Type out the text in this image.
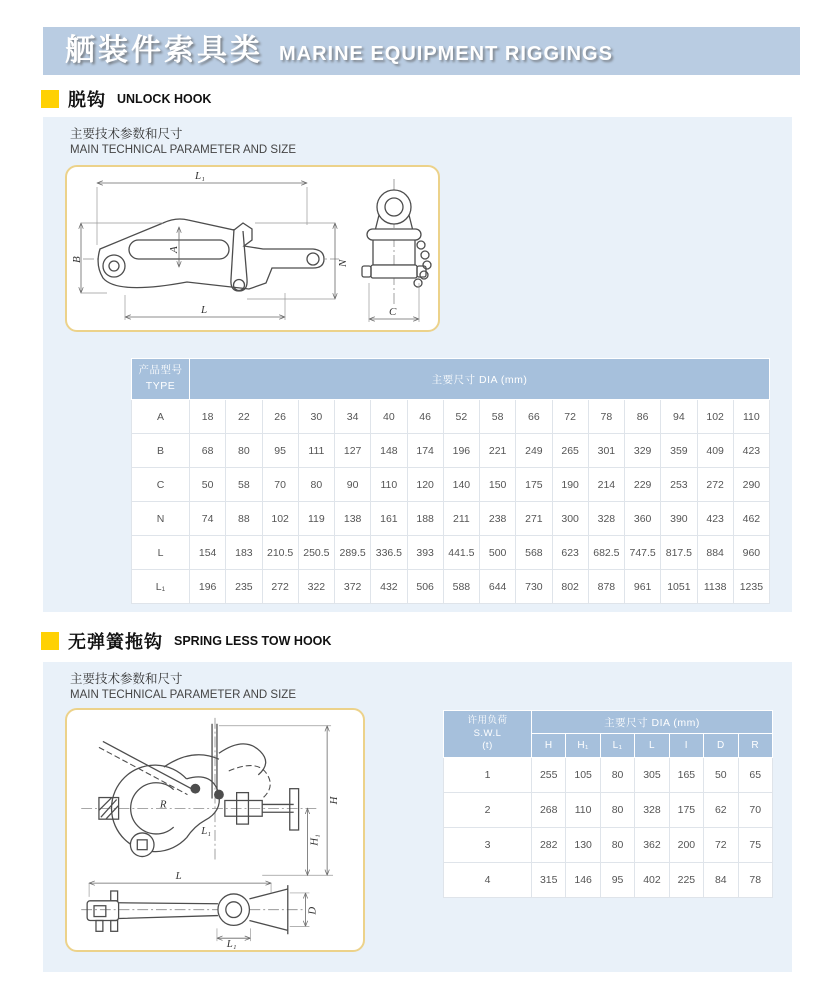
舾装件索具类 MARINE EQUIPMENT RIGGINGS
脱钩 UNLOCK HOOK
主要技术参数和尺寸
MAIN TECHNICAL PARAMETER AND SIZE
L₁
B
A
N
L	C
产品型号
TYPE	主要尺寸 DIA (mm)															
A	18	22	26	30	34	40	46	52	58	66	72	78	86	94	102	110
B	68	80	95	111	127	148	174	196	221	249	265	301	329	359	409	423
C	50	58	70	80	90	110	120	140	150	175	190	214	229	253	272	290
N	74	88	102	119	138	161	188	211	238	271	300	328	360	390	423	462
L	154	183	210.5	250.5	289.5	336.5	393	441.5	500	568	623	682.5	747.5	817.5	884	960
L₁	196	235	272	322	372	432	506	588	644	730	802	878	961	1051	1138	1235
无弹簧拖钩 SPRING LESS TOW HOOK
主要技术参数和尺寸
MAIN TECHNICAL PARAMETER AND SIZE
R
L₁
H
H₁
L
D
L₁
许用负荷
S.W.L
(t)	主要尺寸 DIA (mm)						
	H	H₁	L₁	L	I	D	R
1	255	105	80	305	165	50	65
2	268	110	80	328	175	62	70
3	282	130	80	362	200	72	75
4	315	146	95	402	225	84	78
